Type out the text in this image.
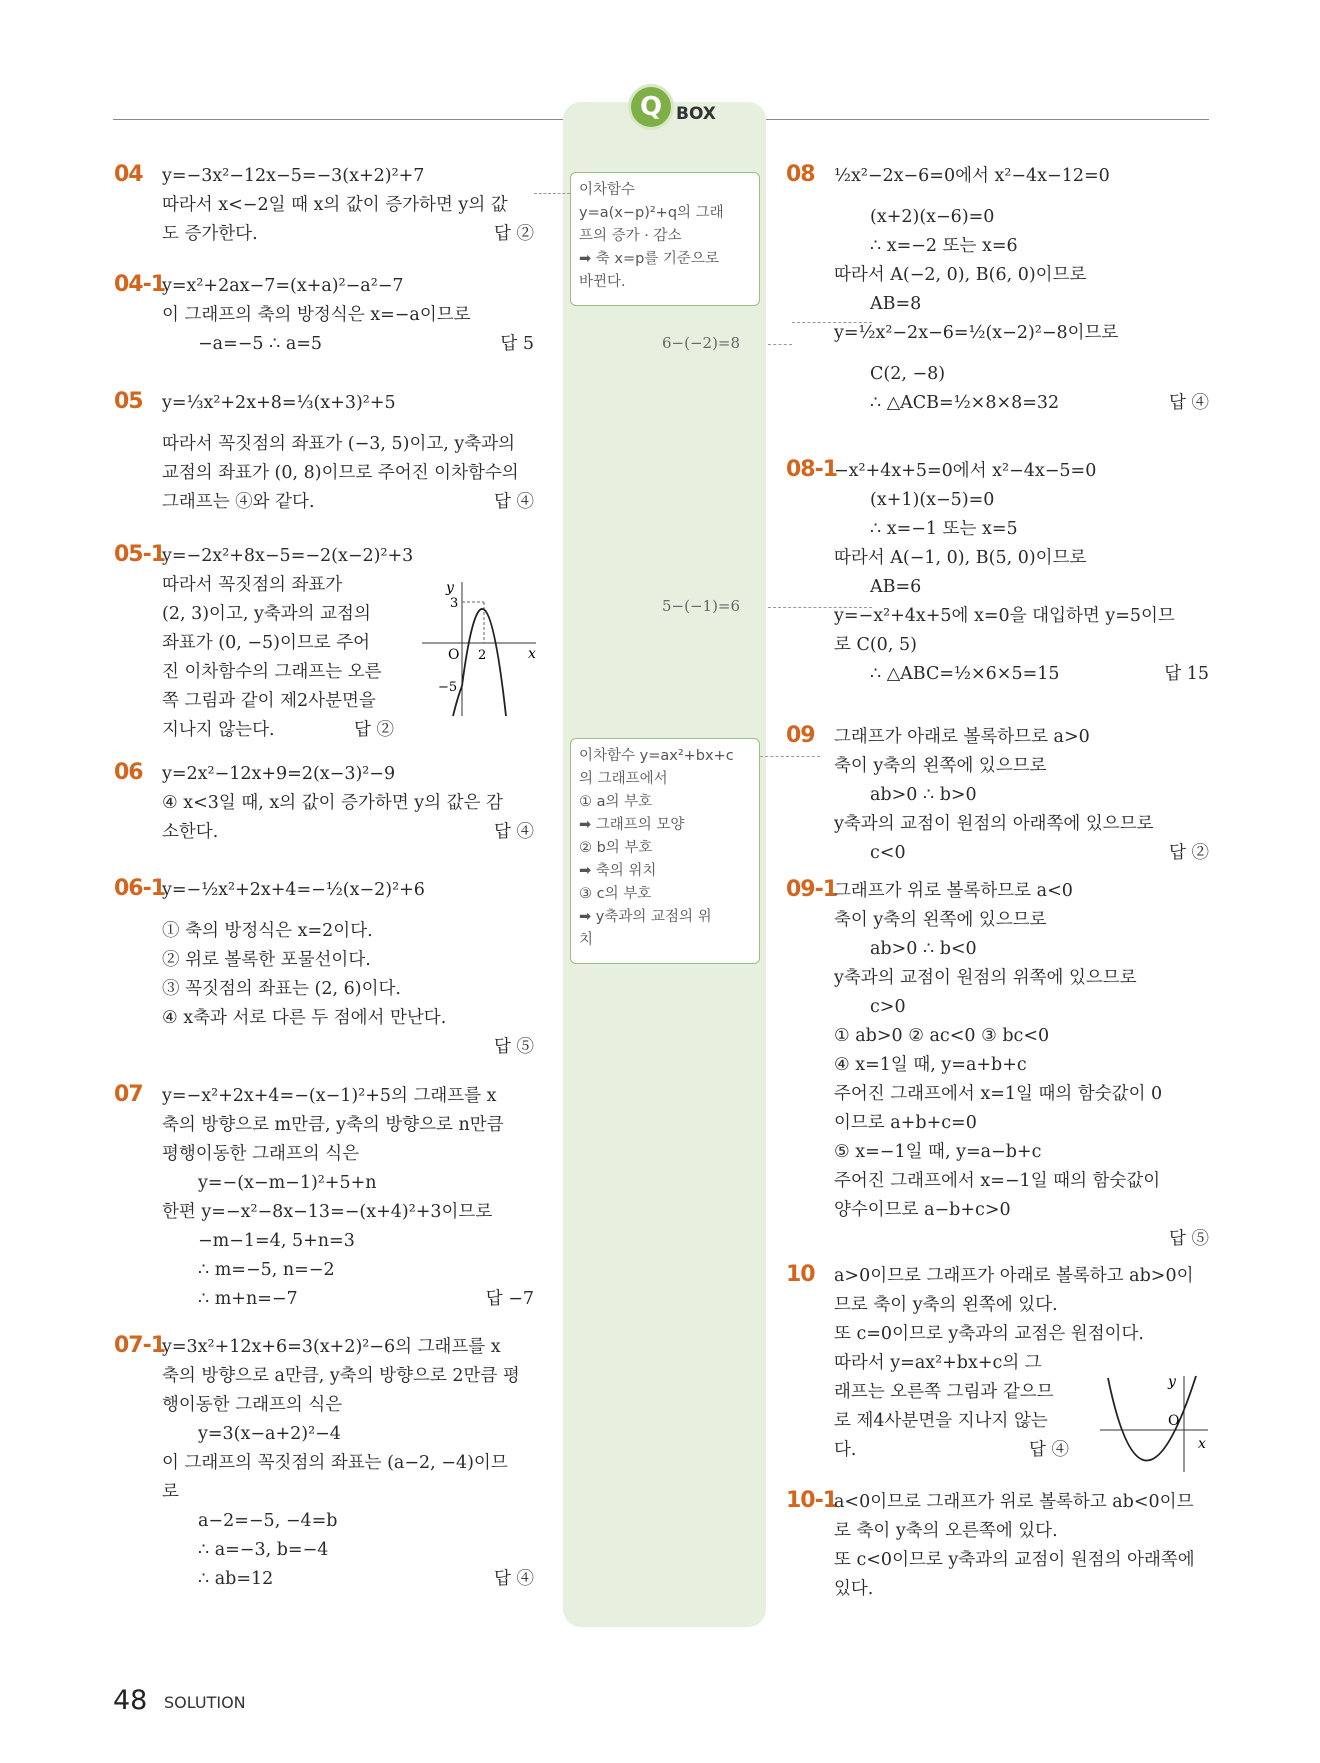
Q BOX
이차함수
y=a(x−p)²+q의 그래
프의 증가 · 감소
➡ 축 x=p를 기준으로
바뀐다.
이차함수 y=ax²+bx+c
의 그래프에서
① a의 부호
➡ 그래프의 모양
② b의 부호
➡ 축의 위치
③ c의 부호
➡ y축과의 교점의 위
치
6−(−2)=8
5−(−1)=6
y
x
O
3
2
−5
y
x
O
48 SOLUTION
04 y=−3x²−12x−5=−3(x+2)²+7
따라서 x<−2일 때 x의 값이 증가하면 y의 값
도 증가한다.	답 ②
04-1
y=x²+2ax−7=(x+a)²−a²−7
이 그래프의 축의 방정식은 x=−a이므로
−a=−5 ∴ a=5	답 5
05 y=⅓x²+2x+8=⅓(x+3)²+5
따라서 꼭짓점의 좌표가 (−3, 5)이고, y축과의
교점의 좌표가 (0, 8)이므로 주어진 이차함수의
그래프는 ④와 같다.	답 ④
05-1
y=−2x²+8x−5=−2(x−2)²+3
따라서 꼭짓점의 좌표가
(2, 3)이고, y축과의 교점의
좌표가 (0, −5)이므로 주어
진 이차함수의 그래프는 오른
쪽 그림과 같이 제2사분면을
지나지 않는다.	답 ②
06 y=2x²−12x+9=2(x−3)²−9
④ x<3일 때, x의 값이 증가하면 y의 값은 감
소한다.	답 ④
06-1
y=−½x²+2x+4=−½(x−2)²+6
① 축의 방정식은 x=2이다.
② 위로 볼록한 포물선이다.
③ 꼭짓점의 좌표는 (2, 6)이다.
④ x축과 서로 다른 두 점에서 만난다.
답 ⑤
07 y=−x²+2x+4=−(x−1)²+5의 그래프를 x
축의 방향으로 m만큼, y축의 방향으로 n만큼
평행이동한 그래프의 식은
y=−(x−m−1)²+5+n
한편 y=−x²−8x−13=−(x+4)²+3이므로
−m−1=4, 5+n=3
∴ m=−5, n=−2
∴ m+n=−7	답 −7
07-1
y=3x²+12x+6=3(x+2)²−6의 그래프를 x
축의 방향으로 a만큼, y축의 방향으로 2만큼 평
행이동한 그래프의 식은
y=3(x−a+2)²−4
이 그래프의 꼭짓점의 좌표는 (a−2, −4)이므
로
a−2=−5, −4=b
∴ a=−3, b=−4
∴ ab=12	답 ④
08 ½x²−2x−6=0에서 x²−4x−12=0
(x+2)(x−6)=0
∴ x=−2 또는 x=6
따라서 A(−2, 0), B(6, 0)이므로
AB=8
y=½x²−2x−6=½(x−2)²−8이므로
C(2, −8)
∴ △ACB=½×8×8=32	답 ④
08-1
−x²+4x+5=0에서 x²−4x−5=0
(x+1)(x−5)=0
∴ x=−1 또는 x=5
따라서 A(−1, 0), B(5, 0)이므로
AB=6
y=−x²+4x+5에 x=0을 대입하면 y=5이므
로 C(0, 5)
∴ △ABC=½×6×5=15	답 15
09 그래프가 아래로 볼록하므로 a>0
축이 y축의 왼쪽에 있으므로
ab>0 ∴ b>0
y축과의 교점이 원점의 아래쪽에 있으므로
c<0	답 ②
09-1
그래프가 위로 볼록하므로 a<0
축이 y축의 왼쪽에 있으므로
ab>0 ∴ b<0
y축과의 교점이 원점의 위쪽에 있으므로
c>0
① ab>0 ② ac<0 ③ bc<0
④ x=1일 때, y=a+b+c
주어진 그래프에서 x=1일 때의 함숫값이 0
이므로 a+b+c=0
⑤ x=−1일 때, y=a−b+c
주어진 그래프에서 x=−1일 때의 함숫값이
양수이므로 a−b+c>0
답 ⑤
10 a>0이므로 그래프가 아래로 볼록하고 ab>0이
므로 축이 y축의 왼쪽에 있다.
또 c=0이므로 y축과의 교점은 원점이다.
따라서 y=ax²+bx+c의 그
래프는 오른쪽 그림과 같으므
로 제4사분면을 지나지 않는
다.	답 ④
10-1
a<0이므로 그래프가 위로 볼록하고 ab<0이므
로 축이 y축의 오른쪽에 있다.
또 c<0이므로 y축과의 교점이 원점의 아래쪽에
있다.
